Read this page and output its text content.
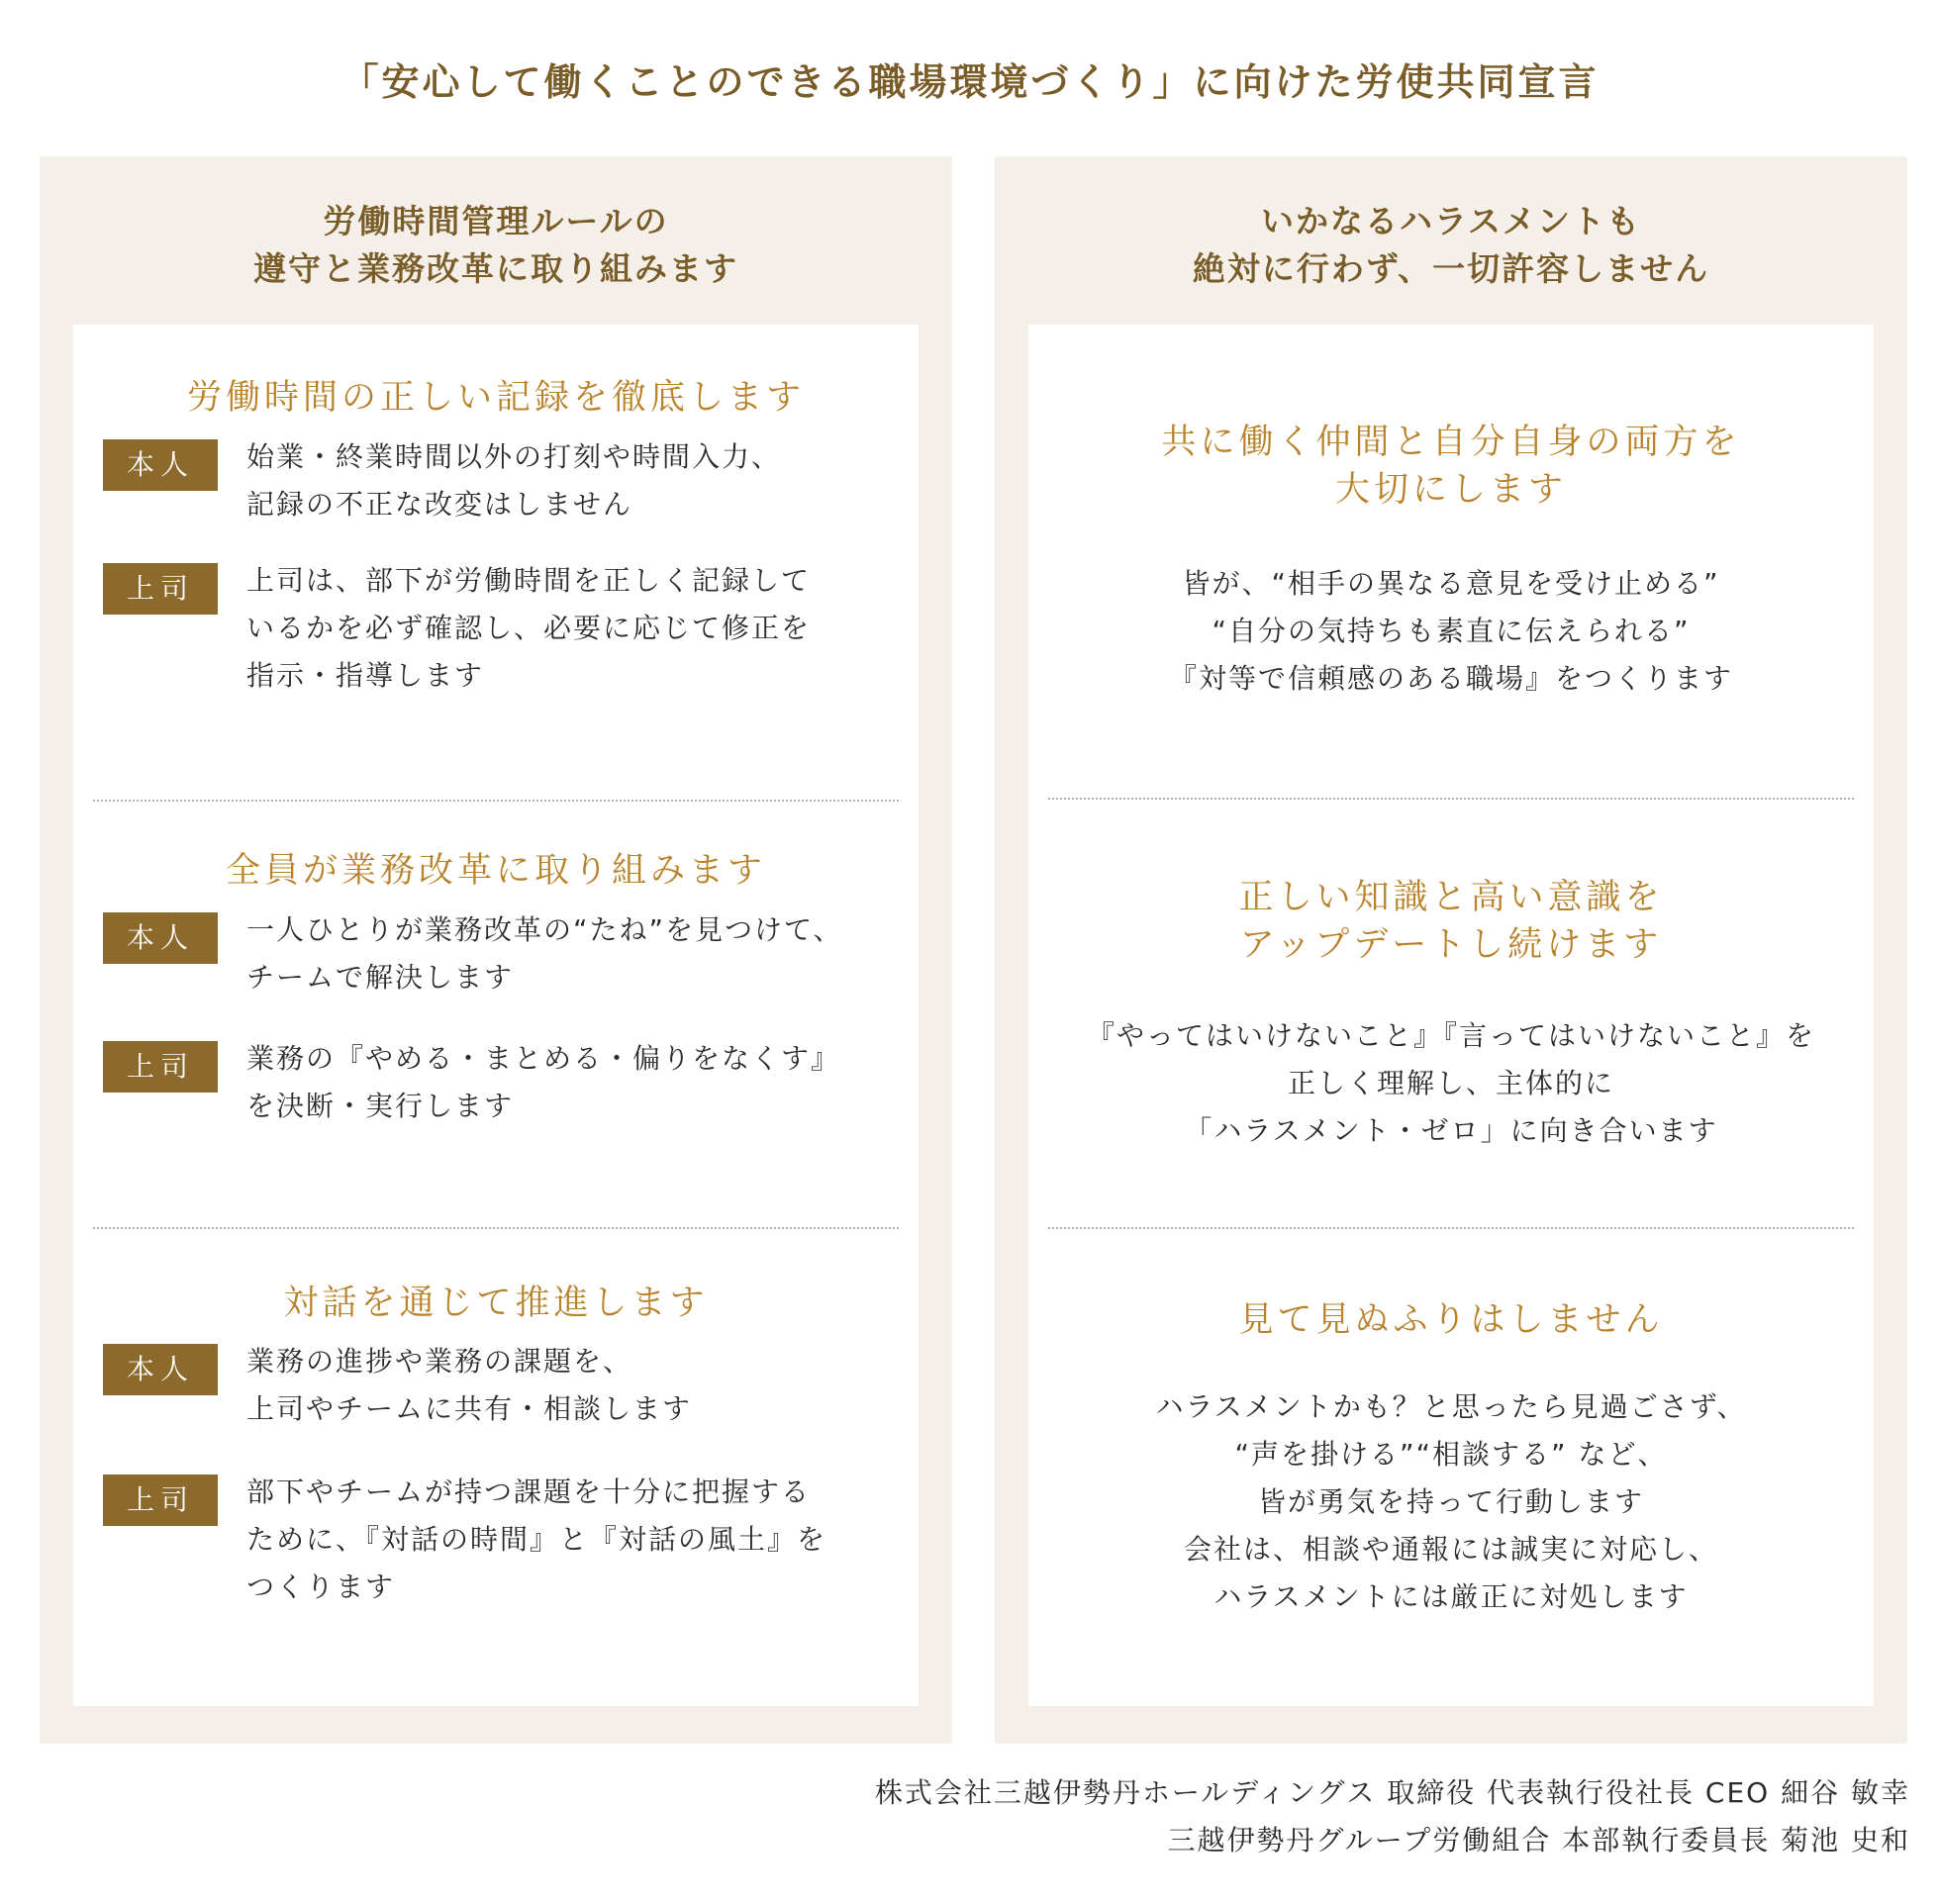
「安心して働くことのできる職場環境づくり」に向けた労使共同宣言
労働時間管理ルールの
遵守と業務改革に取り組みます
労働時間の正しい記録を徹底します
本人	始業・終業時間以外の打刻や時間入力、
記録の不正な改変はしません
上司	上司は、部下が労働時間を正しく記録して
いるかを必ず確認し、必要に応じて修正を
指示・指導します
全員が業務改革に取り組みます
本人	一人ひとりが業務改革の“たね”を見つけて、
チームで解決します
上司	業務の『やめる・まとめる・偏りをなくす』
を決断・実行します
対話を通じて推進します
本人	業務の進捗や業務の課題を、
上司やチームに共有・相談します
上司	部下やチームが持つ課題を十分に把握する
ために、『対話の時間』と『対話の風土』を
つくります
いかなるハラスメントも
絶対に行わず、一切許容しません
共に働く仲間と自分自身の両方を
大切にします
皆が、“相手の異なる意見を受け止める”
“自分の気持ちも素直に伝えられる”
『対等で信頼感のある職場』をつくります
正しい知識と高い意識を
アップデートし続けます
『やってはいけないこと』『言ってはいけないこと』を
正しく理解し、主体的に
「ハラスメント・ゼロ」に向き合います
見て見ぬふりはしません
ハラスメントかも？と思ったら見過ごさず、
“声を掛ける”“相談する” など、
皆が勇気を持って行動します
会社は、相談や通報には誠実に対応し、
ハラスメントには厳正に対処します
株式会社三越伊勢丹ホールディングス 取締役 代表執行役社長 CEO 細谷 敏幸
三越伊勢丹グループ労働組合 本部執行委員長 菊池 史和
